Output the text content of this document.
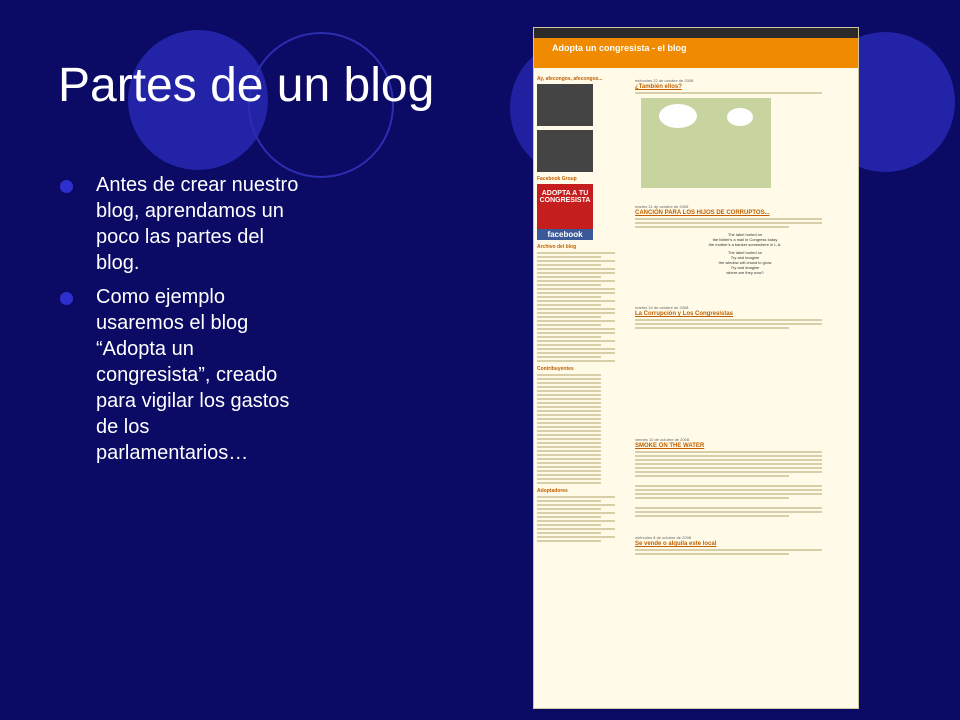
Partes de un blog
Antes de crear nuestro blog, aprendamos un poco las partes del blog.
Como ejemplo usaremos el blog “Adopta un congresista”, creado para vigilar los gastos de los parlamentarios…
Adopta un congresista - el blog
Ay, afecongos, afecongos...
Facebook Group
ADOPTA A TU CONGRESISTA
facebook
Archivo del blog
Contribuyentes
Adoptadores
miércoles 22 de octubre de 2008
¿También ellos?
martes 21 de octubre de 2008
CANCIÓN PARA LOS HIJOS DE CORRUPTOS...
The label hurled on
the father's a mail in Congress today
the mother's a banker somewhere in L.A.
The label hurled on
Try and imagine
the window will crowd to grow
Try and imagine
where are they now?
martes 14 de octubre de 2008
La Corrupción y Los Congresistas
viernes 10 de octubre de 2008
SMOKE ON THE WATER
miércoles 8 de octubre de 2008
Se vende o alquila este local
